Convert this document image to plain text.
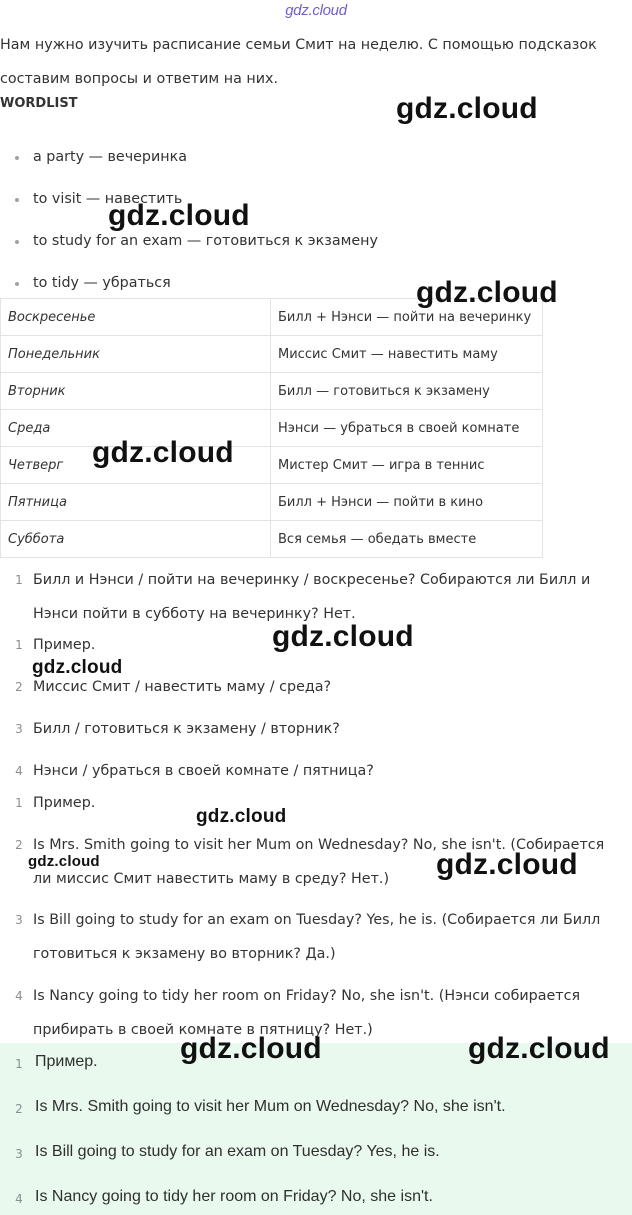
gdz.cloud
Нам нужно изучить расписание семьи Смит на неделю. С помощью подсказок
составим вопросы и ответим на них.
WORDLIST
a party — вечеринка
to visit — навестить
to study for an exam — готовиться к экзамену
to tidy — убраться
Воскресенье	Билл + Нэнси — пойти на вечеринку
Понедельник	Миссис Смит — навестить маму
Вторник	Билл — готовиться к экзамену
Среда	Нэнси — убраться в своей комнате
Четверг	Мистер Смит — игра в теннис
Пятница	Билл + Нэнси — пойти в кино
Суббота	Вся семья — обедать вместе
1 Билл и Нэнси / пойти на вечеринку / воскресенье? Собираются ли Билл и
Нэнси пойти в субботу на вечеринку? Нет.
1 Пример.
2 Миссис Смит / навестить маму / среда?
3 Билл / готовиться к экзамену / вторник?
4 Нэнси / убраться в своей комнате / пятница?
1 Пример.
2 Is Mrs. Smith going to visit her Mum on Wednesday? No, she isn't. (Собирается
ли миссис Смит навестить маму в среду? Нет.)
3 Is Bill going to study for an exam on Tuesday? Yes, he is. (Собирается ли Билл
готовиться к экзамену во вторник? Да.)
4 Is Nancy going to tidy her room on Friday? No, she isn't. (Нэнси собирается
прибирать в своей комнате в пятницу? Нет.)
1 Пример.
2 Is Mrs. Smith going to visit her Mum on Wednesday? No, she isn't.
3 Is Bill going to study for an exam on Tuesday? Yes, he is.
4 Is Nancy going to tidy her room on Friday? No, she isn't.
gdz.cloud
gdz.cloud
gdz.cloud
gdz.cloud
gdz.cloud
gdz.cloud
gdz.cloud
gdz.cloud	gdz.cloud
gdz.cloud	gdz.cloud
